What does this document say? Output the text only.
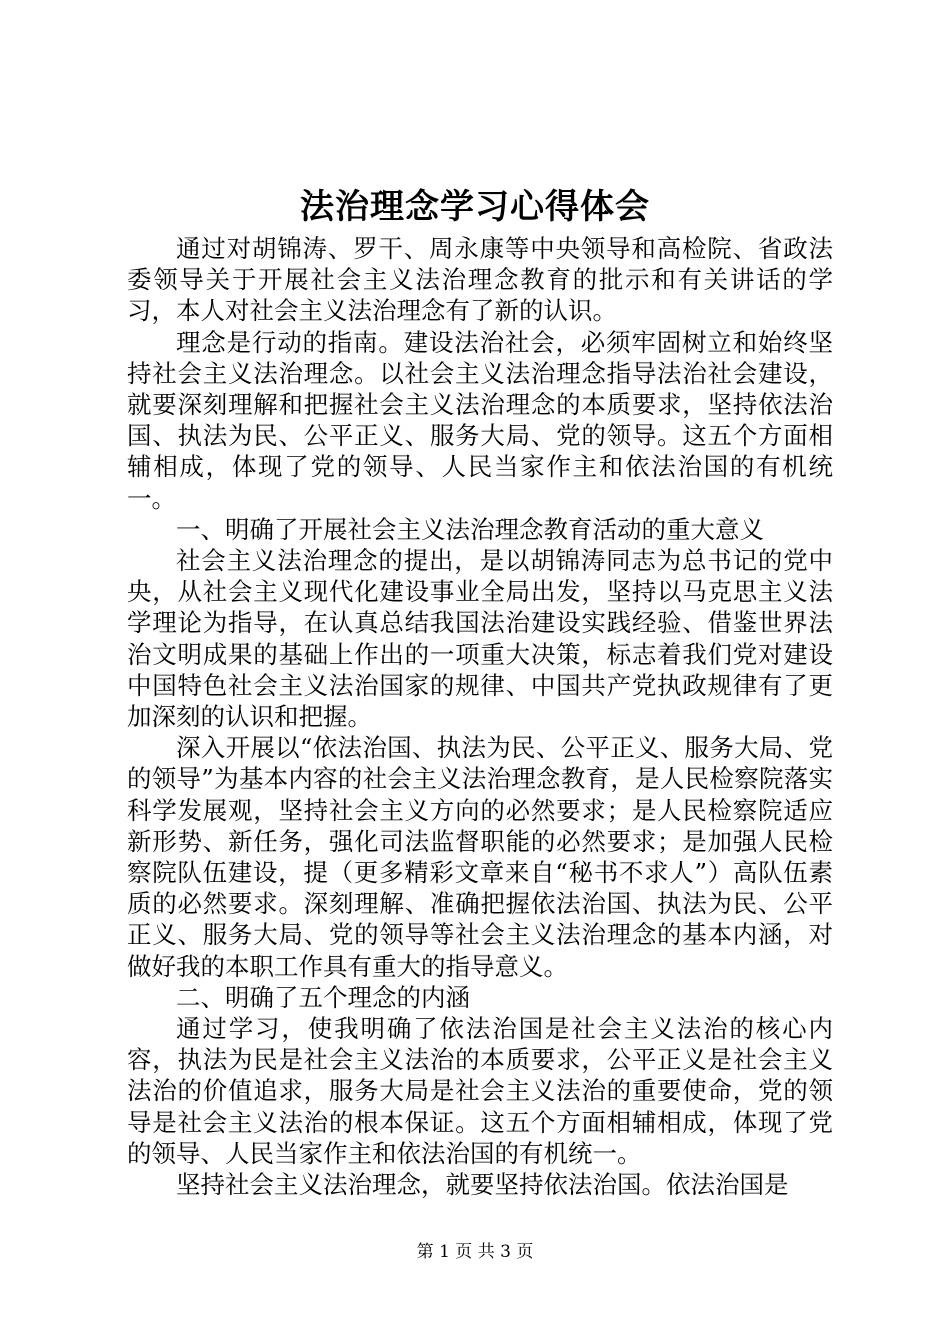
法治理念学习心得体会

通过对胡锦涛、罗干、周永康等中央领导和高检院、省政法委领导关于开展社会主义法治理念教育的批示和有关讲话的学习，本人对社会主义法治理念有了新的认识。

理念是行动的指南。建设法治社会，必须牢固树立和始终坚持社会主义法治理念。以社会主义法治理念指导法治社会建设，就要深刻理解和把握社会主义法治理念的本质要求，坚持依法治国、执法为民、公平正义、服务大局、党的领导。这五个方面相辅相成，体现了党的领导、人民当家作主和依法治国的有机统一。

一、明确了开展社会主义法治理念教育活动的重大意义

社会主义法治理念的提出，是以胡锦涛同志为总书记的党中央，从社会主义现代化建设事业全局出发，坚持以马克思主义法学理论为指导，在认真总结我国法治建设实践经验、借鉴世界法治文明成果的基础上作出的一项重大决策，标志着我们党对建设中国特色社会主义法治国家的规律、中国共产党执政规律有了更加深刻的认识和把握。

深入开展以“依法治国、执法为民、公平正义、服务大局、党的领导”为基本内容的社会主义法治理念教育，是人民检察院落实科学发展观，坚持社会主义方向的必然要求；是人民检察院适应新形势、新任务，强化司法监督职能的必然要求；是加强人民检察院队伍建设，提（更多精彩文章来自“秘书不求人”）高队伍素质的必然要求。深刻理解、准确把握依法治国、执法为民、公平正义、服务大局、党的领导等社会主义法治理念的基本内涵，对做好我的本职工作具有重大的指导意义。

二、明确了五个理念的内涵

通过学习，使我明确了依法治国是社会主义法治的核心内容，执法为民是社会主义法治的本质要求，公平正义是社会主义法治的价值追求，服务大局是社会主义法治的重要使命，党的领导是社会主义法治的根本保证。这五个方面相辅相成，体现了党的领导、人民当家作主和依法治国的有机统一。

坚持社会主义法治理念，就要坚持依法治国。依法治国是

第 1 页 共 3 页
